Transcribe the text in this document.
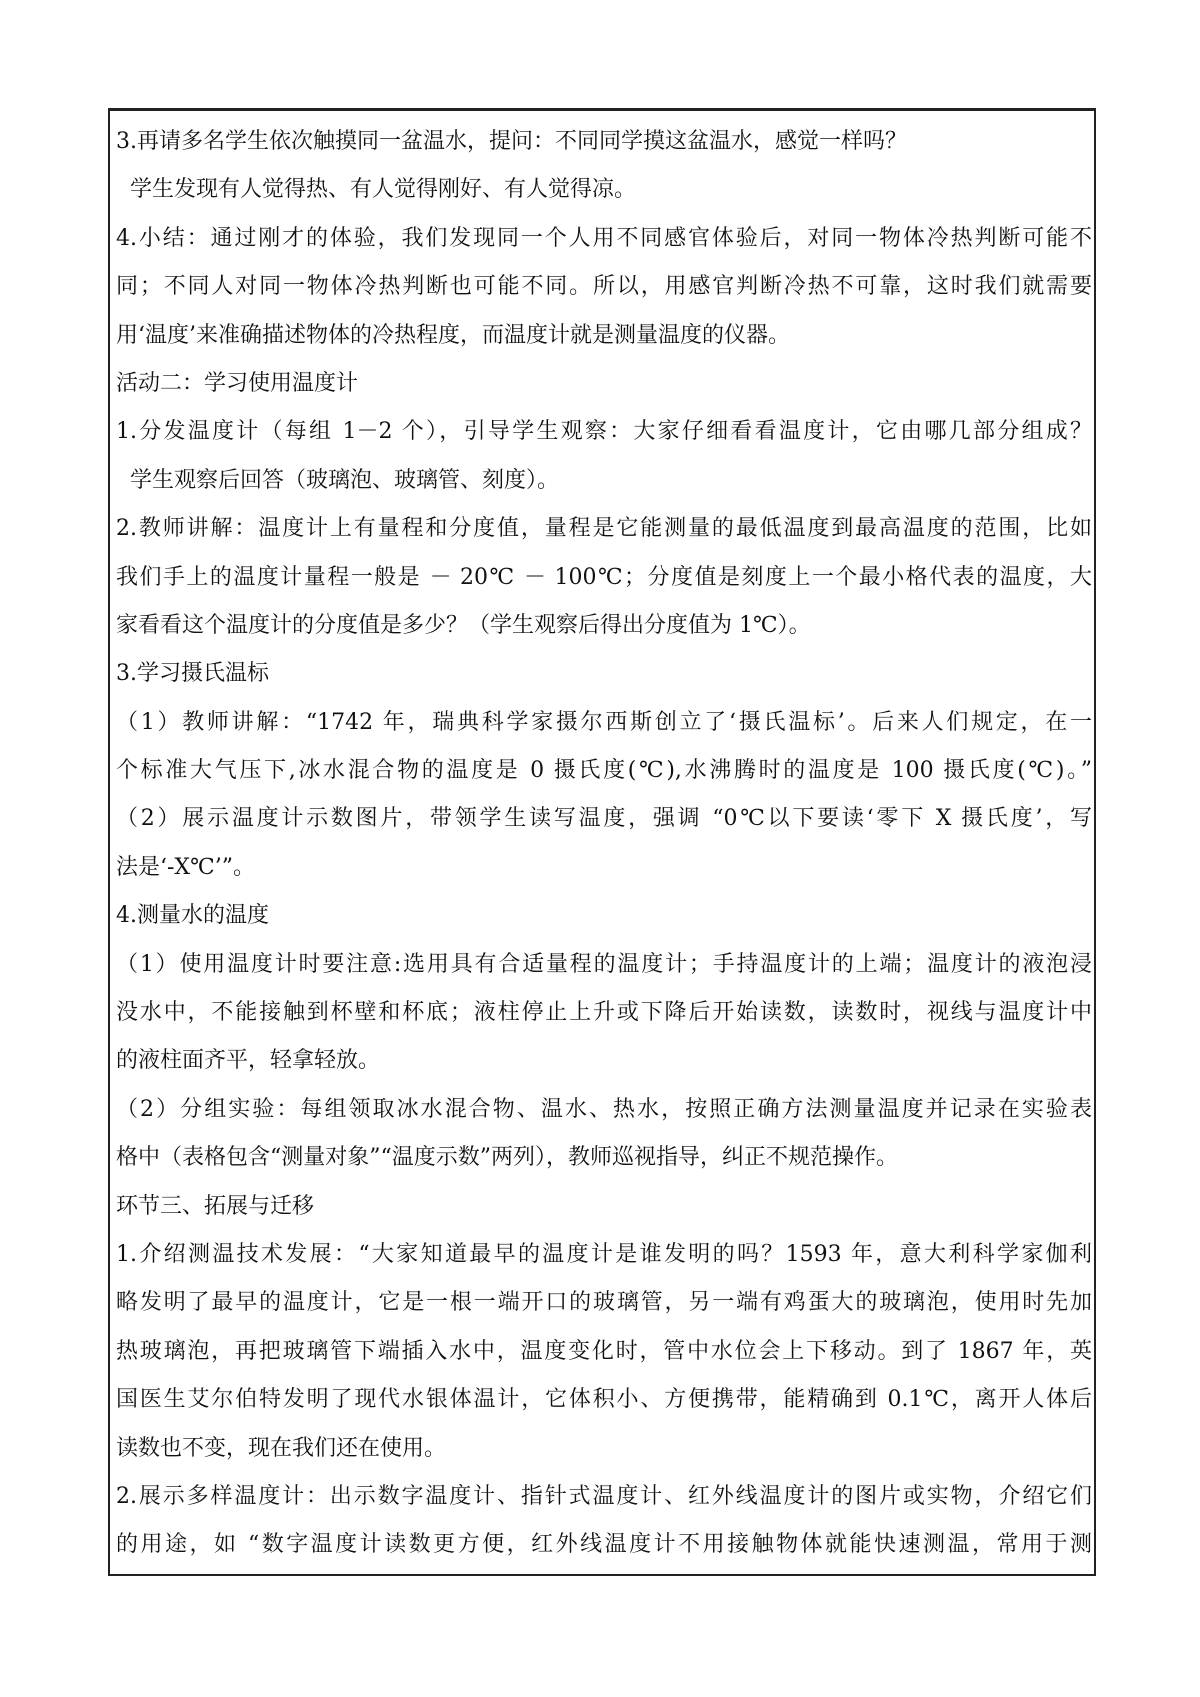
3.再请多名学生依次触摸同一盆温水，提问：不同同学摸这盆温水，感觉一样吗？
学生发现有人觉得热、有人觉得刚好、有人觉得凉。
4.小结：通过刚才的体验，我们发现同一个人用不同感官体验后，对同一物体冷热判断可能不
同；不同人对同一物体冷热判断也可能不同。所以，用感官判断冷热不可靠，这时我们就需要
用‘温度’来准确描述物体的冷热程度，而温度计就是测量温度的仪器。
活动二：学习使用温度计
1.分发温度计（每组 1－2 个），引导学生观察：大家仔细看看温度计，它由哪几部分组成？
学生观察后回答（玻璃泡、玻璃管、刻度）。
2.教师讲解：温度计上有量程和分度值，量程是它能测量的最低温度到最高温度的范围，比如
我们手上的温度计量程一般是 － 20℃ － 100℃；分度值是刻度上一个最小格代表的温度，大
家看看这个温度计的分度值是多少？（学生观察后得出分度值为 1℃）。
3.学习摄氏温标
（1）教师讲解：“1742 年，瑞典科学家摄尔西斯创立了‘摄氏温标’。后来人们规定，在一
个标准大气压下,冰水混合物的温度是 0 摄氏度(℃),水沸腾时的温度是 100 摄氏度(℃)。”
（2）展示温度计示数图片，带领学生读写温度，强调 “0℃以下要读‘零下 X 摄氏度’，写
法是‘-X℃’”。
4.测量水的温度
（1）使用温度计时要注意:选用具有合适量程的温度计；手持温度计的上端；温度计的液泡浸
没水中，不能接触到杯壁和杯底；液柱停止上升或下降后开始读数，读数时，视线与温度计中
的液柱面齐平，轻拿轻放。
（2）分组实验：每组领取冰水混合物、温水、热水，按照正确方法测量温度并记录在实验表
格中（表格包含“测量对象”“温度示数”两列），教师巡视指导，纠正不规范操作。
环节三、拓展与迁移
1.介绍测温技术发展：“大家知道最早的温度计是谁发明的吗？1593 年，意大利科学家伽利
略发明了最早的温度计，它是一根一端开口的玻璃管，另一端有鸡蛋大的玻璃泡，使用时先加
热玻璃泡，再把玻璃管下端插入水中，温度变化时，管中水位会上下移动。到了 1867 年，英
国医生艾尔伯特发明了现代水银体温计，它体积小、方便携带，能精确到 0.1℃，离开人体后
读数也不变，现在我们还在使用。
2.展示多样温度计：出示数字温度计、指针式温度计、红外线温度计的图片或实物，介绍它们
的用途，如 “数字温度计读数更方便，红外线温度计不用接触物体就能快速测温，常用于测
